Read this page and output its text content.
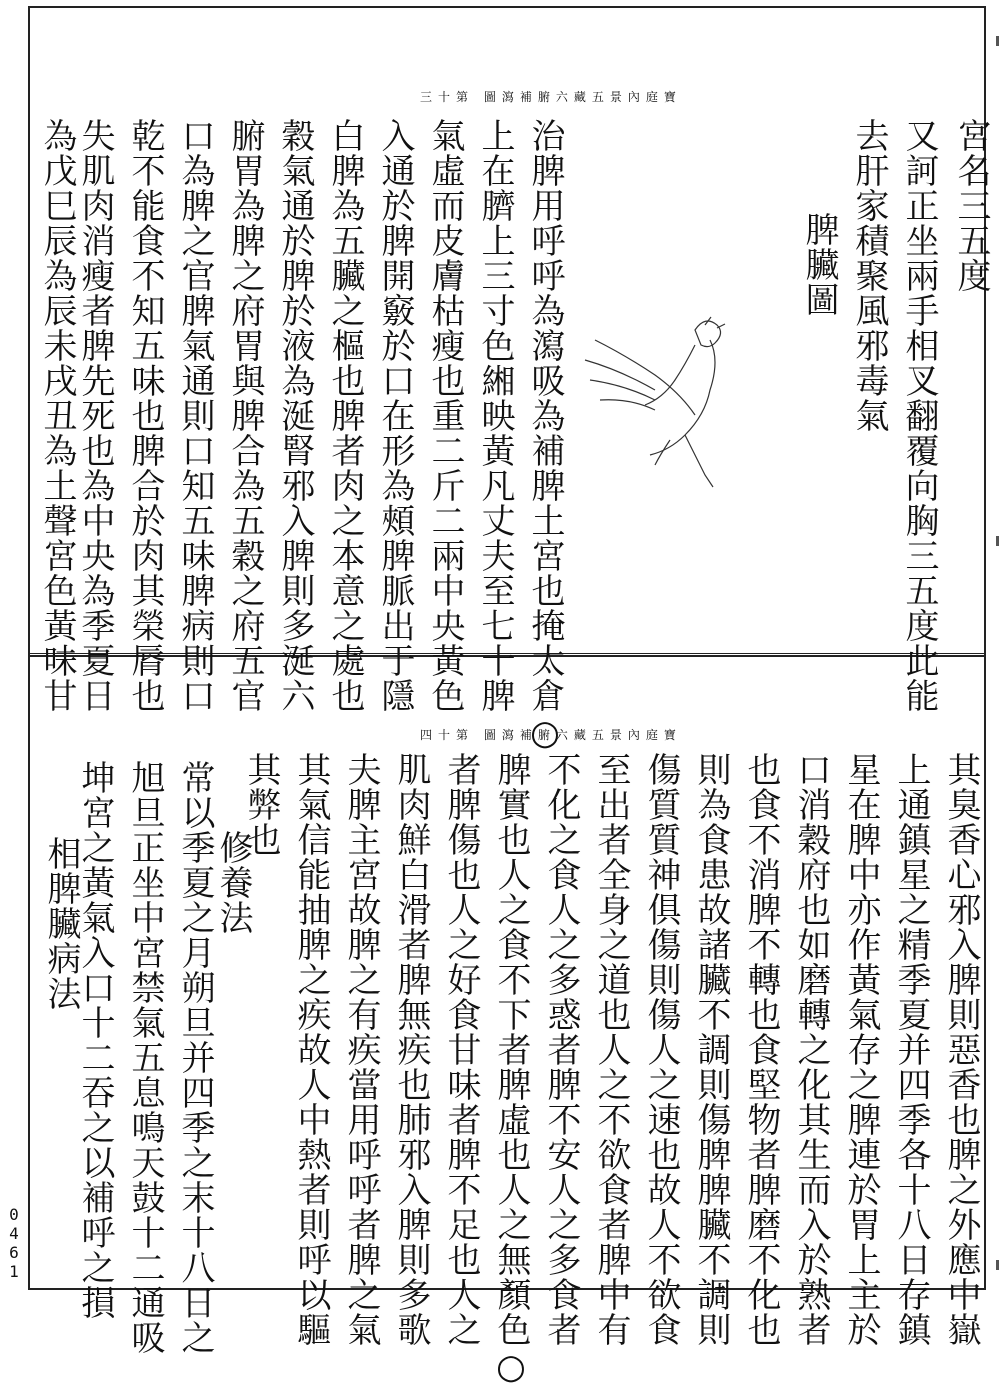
寶庭內景五藏六腑補瀉圖 第十三
宮名三五度
又訶正坐兩手相叉翻覆向胸三五度此能
去肝家積聚風邪毒氣
脾臟圖
治脾用呼呼為瀉吸為補脾土宮也掩太倉○
上在臍上三寸色緗映黃凡丈夫至七十脾
氣虛而皮膚枯瘦也重二斤二兩中央黃色
入通於脾開竅於口在形為頰脾脈出于隱
白脾為五臟之樞也脾者肉之本意之處也
穀氣通於脾於液為涎腎邪入脾則多涎六
腑胃為脾之府胃與脾合為五穀之府五官
口為脾之官脾氣通則口知五味脾病則口
乾不能食不知五味也脾合於肉其榮脣也
失肌肉消瘦者脾先死也為中央為季夏日
為戊巳辰為辰未戌丑為土聲宮色黃味甘
寶庭內景五藏六腑補瀉圖 第十四
其臭香心邪入脾則惡香也脾之外應中嶽
上通鎮星之精季夏并四季各十八日存鎮
星在脾中亦作黃氣存之脾連於胃上主於
口消穀府也如磨轉之化其生而入於熟者
也食不消脾不轉也食堅物者脾磨不化也
則為食患故諸臟不調則傷脾脾臟不調則
傷質質神俱傷則傷人之速也故人不欲食
至出者全身之道也人之不欲食者脾中有
不化之食人之多惑者脾不安人之多食者
脾實也人之食不下者脾虛也人之無顏色○
者脾傷也人之好食甘味者脾不足也人之
肌肉鮮白滑者脾無疾也肺邪入脾則多歌
夫脾主宮故脾之有疾當用呼呼者脾之氣
其氣信能抽脾之疾故人中熱者則呼以驅
其弊也
修養法
常以季夏之月朔旦并四季之末十八日之
旭旦正坐中宮禁氣五息鳴天鼓十二通吸
坤宮之黃氣入口十二吞之以補呼之損
相脾臟病法
0
4
6
1
